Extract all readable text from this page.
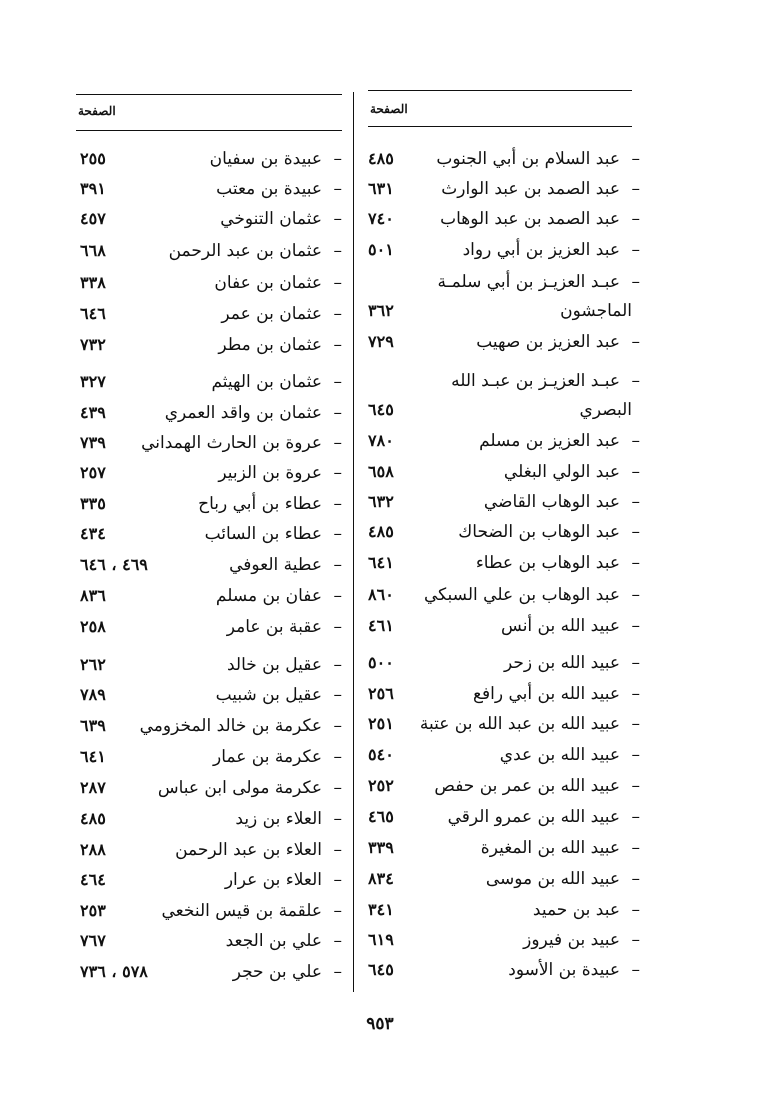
الصفحة
الصفحة
–
عبد السلام بن أبي الجنوب
٤٨٥
–
عبد الصمد بن عبد الوارث
٦٣١
–
عبد الصمد بن عبد الوهاب
٧٤٠
–
عبد العزيز بن أبي رواد
٥٠١
–
عبـد العزيـز بن أبي سلمـة
الماجشون
٣٦٢
–
عبد العزيز بن صهيب
٧٢٩
–
عبـد العزيـز بن عبـد الله
البصري
٦٤٥
–
عبد العزيز بن مسلم
٧٨٠
–
عبد الولي البغلي
٦٥٨
–
عبد الوهاب القاضي
٦٣٢
–
عبد الوهاب بن الضحاك
٤٨٥
–
عبد الوهاب بن عطاء
٦٤١
–
عبد الوهاب بن علي السبكي
٨٦٠
–
عبيد الله بن أنس
٤٦١
–
عبيد الله بن زحر
٥٠٠
–
عبيد الله بن أبي رافع
٢٥٦
–
عبيد الله بن عبد الله بن عتبة
٢٥١
–
عبيد الله بن عدي
٥٤٠
–
عبيد الله بن عمر بن حفص
٢٥٢
–
عبيد الله بن عمرو الرقي
٤٦٥
–
عبيد الله بن المغيرة
٣٣٩
–
عبيد الله بن موسى
٨٣٤
–
عبد بن حميد
٣٤١
–
عبيد بن فيروز
٦١٩
–
عبيدة بن الأسود
٦٤٥
–
عبيدة بن سفيان
٢٥٥
–
عبيدة بن معتب
٣٩١
–
عثمان التنوخي
٤٥٧
–
عثمان بن عبد الرحمن
٦٦٨
–
عثمان بن عفان
٣٣٨
–
عثمان بن عمر
٦٤٦
–
عثمان بن مطر
٧٣٢
–
عثمان بن الهيثم
٣٢٧
–
عثمان بن واقد العمري
٤٣٩
–
عروة بن الحارث الهمداني
٧٣٩
–
عروة بن الزبير
٢٥٧
–
عطاء بن أبي رباح
٣٣٥
–
عطاء بن السائب
٤٣٤
–
عطية العوفي
٤٦٩ ، ٦٤٦
–
عفان بن مسلم
٨٣٦
–
عقبة بن عامر
٢٥٨
–
عقيل بن خالد
٢٦٢
–
عقيل بن شبيب
٧٨٩
–
عكرمة بن خالد المخزومي
٦٣٩
–
عكرمة بن عمار
٦٤١
–
عكرمة مولى ابن عباس
٢٨٧
–
العلاء بن زيد
٤٨٥
–
العلاء بن عبد الرحمن
٢٨٨
–
العلاء بن عرار
٤٦٤
–
علقمة بن قيس النخعي
٢٥٣
–
علي بن الجعد
٧٦٧
–
علي بن حجر
٥٧٨ ، ٧٣٦
٩٥٣
